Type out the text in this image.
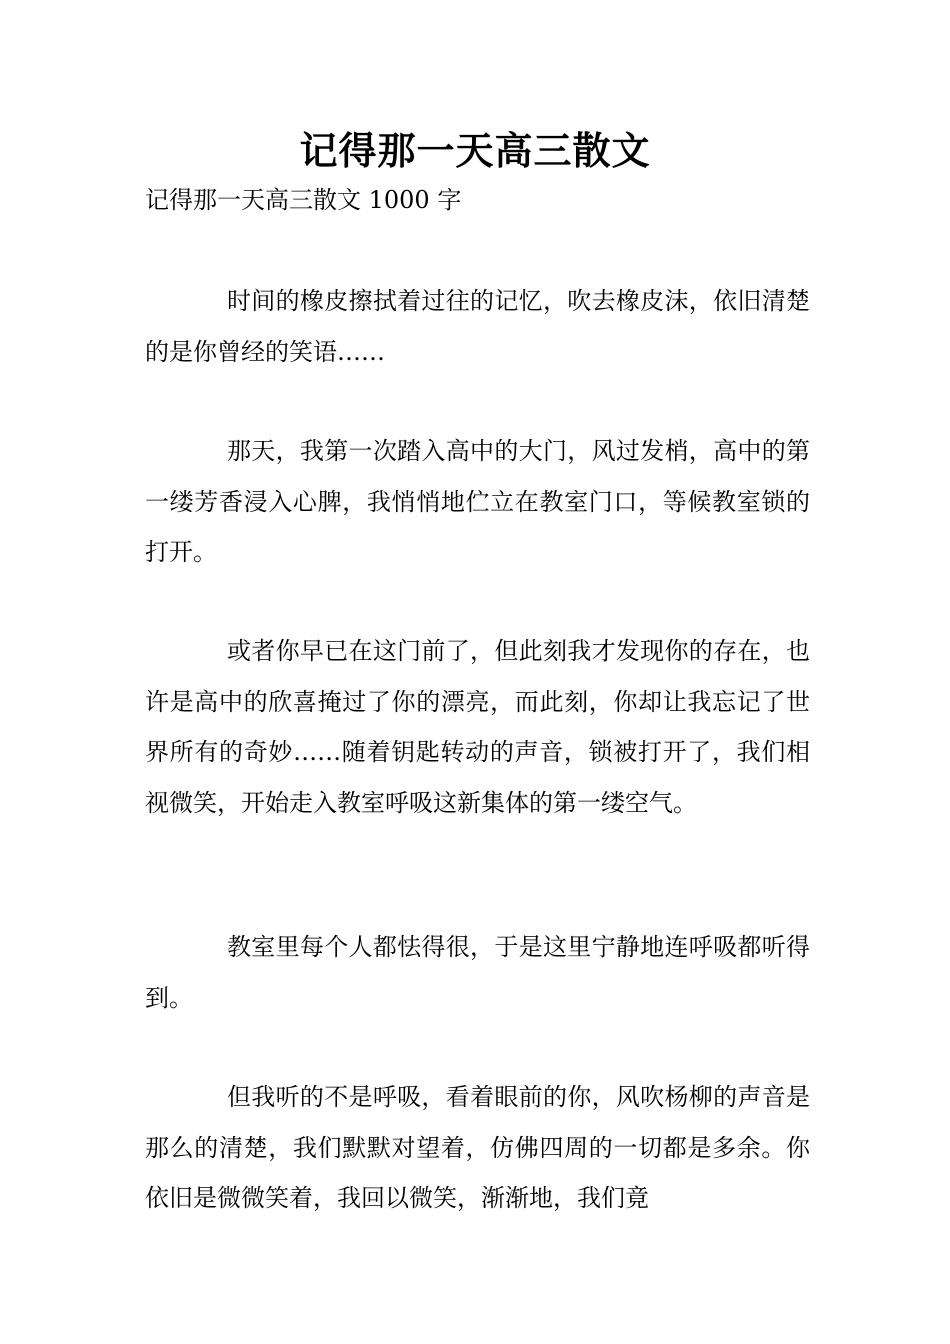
记得那一天高三散文
记得那一天高三散文 1000 字

时间的橡皮擦拭着过往的记忆，吹去橡皮沫，依旧清楚的是你曾经的笑语……

那天，我第一次踏入高中的大门，风过发梢，高中的第一缕芳香浸入心脾，我悄悄地伫立在教室门口，等候教室锁的打开。

或者你早已在这门前了，但此刻我才发现你的存在，也许是高中的欣喜掩过了你的漂亮，而此刻，你却让我忘记了世界所有的奇妙……随着钥匙转动的声音，锁被打开了，我们相视微笑，开始走入教室呼吸这新集体的第一缕空气。

教室里每个人都怯得很，于是这里宁静地连呼吸都听得到。

但我听的不是呼吸，看着眼前的你，风吹杨柳的声音是那么的清楚，我们默默对望着，仿佛四周的一切都是多余。你依旧是微微笑着，我回以微笑，渐渐地，我们竟
